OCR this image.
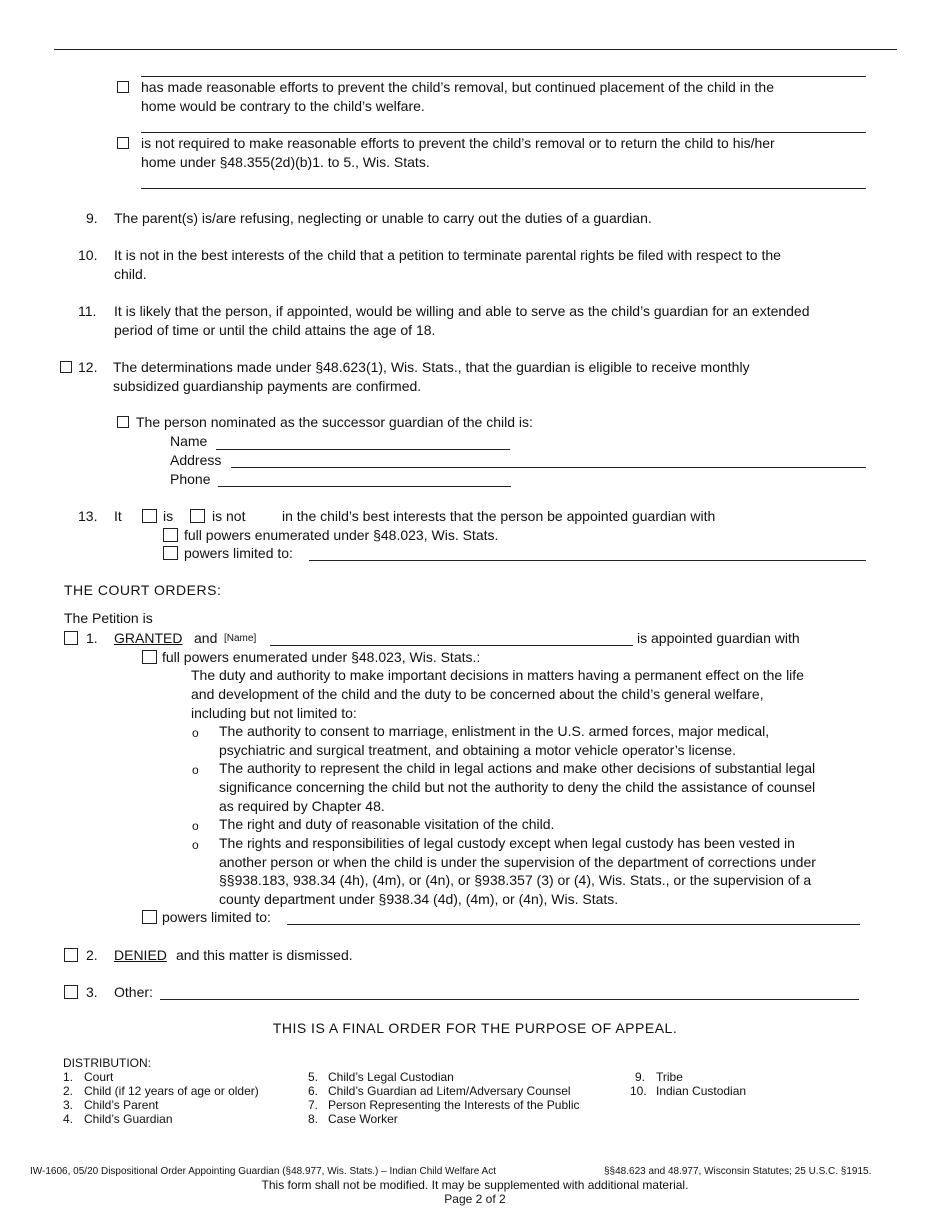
has made reasonable efforts to prevent the child’s removal, but continued placement of the child in the
home would be contrary to the child’s welfare.
is not required to make reasonable efforts to prevent the child’s removal or to return the child to his/her
home under §48.355(2d)(b)1. to 5., Wis. Stats.
9. The parent(s) is/are refusing, neglecting or unable to carry out the duties of a guardian.
10. It is not in the best interests of the child that a petition to terminate parental rights be filed with respect to the
child.
11. It is likely that the person, if appointed, would be willing and able to serve as the child’s guardian for an extended
period of time or until the child attains the age of 18.
12. The determinations made under §48.623(1), Wis. Stats., that the guardian is eligible to receive monthly
subsidized guardianship payments are confirmed.
The person nominated as the successor guardian of the child is:
Name
Address
Phone
13. It	is	is not	in the child’s best interests that the person be appointed guardian with
full powers enumerated under §48.023, Wis. Stats.
powers limited to:
THE COURT ORDERS:
The Petition is
1. GRANTED and [Name]	is appointed guardian with
full powers enumerated under §48.023, Wis. Stats.:
The duty and authority to make important decisions in matters having a permanent effect on the life
and development of the child and the duty to be concerned about the child’s general welfare,
including but not limited to:
o The authority to consent to marriage, enlistment in the U.S. armed forces, major medical,
psychiatric and surgical treatment, and obtaining a motor vehicle operator’s license.
o The authority to represent the child in legal actions and make other decisions of substantial legal
significance concerning the child but not the authority to deny the child the assistance of counsel
as required by Chapter 48.
o The right and duty of reasonable visitation of the child.
o The rights and responsibilities of legal custody except when legal custody has been vested in
another person or when the child is under the supervision of the department of corrections under
§§938.183, 938.34 (4h), (4m), or (4n), or §938.357 (3) or (4), Wis. Stats., or the supervision of a
county department under §938.34 (4d), (4m), or (4n), Wis. Stats.
powers limited to:
2. DENIED and this matter is dismissed.
3. Other:
THIS IS A FINAL ORDER FOR THE PURPOSE OF APPEAL.
DISTRIBUTION:
1. Court
2. Child (if 12 years of age or older)
3. Child’s Parent
4. Child’s Guardian
5. Child’s Legal Custodian
6. Child’s Guardian ad Litem/Adversary Counsel
7. Person Representing the Interests of the Public
8. Case Worker
9. Tribe
10. Indian Custodian
IW-1606, 05/20 Dispositional Order Appointing Guardian (§48.977, Wis. Stats.) – Indian Child Welfare Act	§§48.623 and 48.977, Wisconsin Statutes; 25 U.S.C. §1915.
This form shall not be modified. It may be supplemented with additional material.
Page 2 of 2
